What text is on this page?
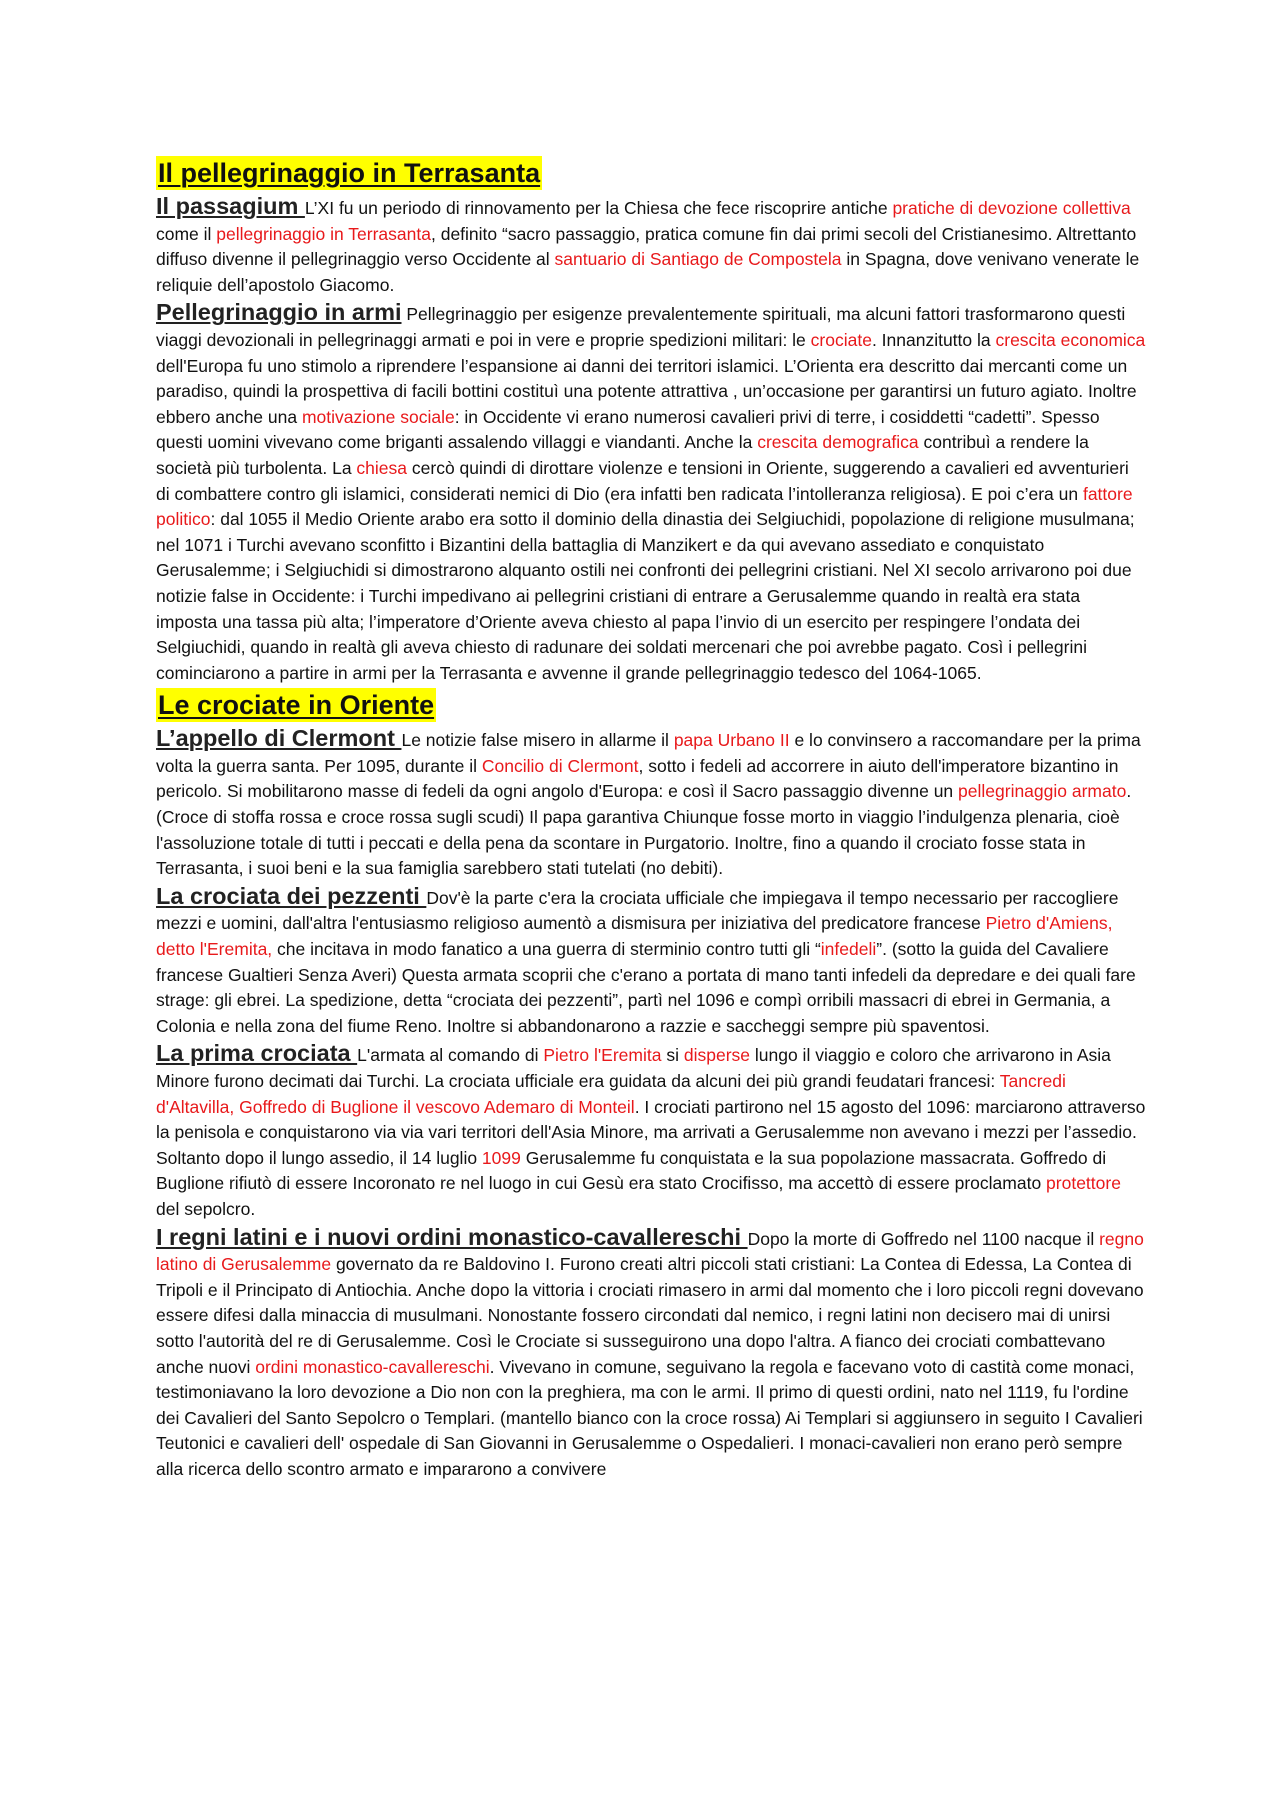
Il pellegrinaggio in Terrasanta

Il passagium L’XI fu un periodo di rinnovamento per la Chiesa che fece riscoprire antiche pratiche di devozione collettiva come il pellegrinaggio in Terrasanta, definito “sacro passaggio, pratica comune fin dai primi secoli del Cristianesimo. Altrettanto diffuso divenne il pellegrinaggio verso Occidente al santuario di Santiago de Compostela in Spagna, dove venivano venerate le reliquie dell’apostolo Giacomo.

Pellegrinaggio in armi Pellegrinaggio per esigenze prevalentemente spirituali, ma alcuni fattori trasformarono questi viaggi devozionali in pellegrinaggi armati e poi in vere e proprie spedizioni militari: le crociate. Innanzitutto la crescita economica dell'Europa fu uno stimolo a riprendere l’espansione ai danni dei territori islamici. L’Orienta era descritto dai mercanti come un paradiso, quindi la prospettiva di facili bottini costituì una potente attrattiva , un’occasione per garantirsi un futuro agiato. Inoltre ebbero anche una motivazione sociale: in Occidente vi erano numerosi cavalieri privi di terre, i cosiddetti “cadetti”. Spesso questi uomini vivevano come briganti assalendo villaggi e viandanti. Anche la crescita demografica contribuì a rendere la società più turbolenta. La chiesa cercò quindi di dirottare violenze e tensioni in Oriente, suggerendo a cavalieri ed avventurieri di combattere contro gli islamici, considerati nemici di Dio (era infatti ben radicata l’intolleranza religiosa). E poi c’era un fattore politico: dal 1055 il Medio Oriente arabo era sotto il dominio della dinastia dei Selgiuchidi, popolazione di religione musulmana; nel 1071 i Turchi avevano sconfitto i Bizantini della battaglia di Manzikert e da qui avevano assediato e conquistato Gerusalemme; i Selgiuchidi si dimostrarono alquanto ostili nei confronti dei pellegrini cristiani. Nel XI secolo arrivarono poi due notizie false in Occidente: i Turchi impedivano ai pellegrini cristiani di entrare a Gerusalemme quando in realtà era stata imposta una tassa più alta; l’imperatore d’Oriente aveva chiesto al papa l’invio di un esercito per respingere l’ondata dei Selgiuchidi, quando in realtà gli aveva chiesto di radunare dei soldati mercenari che poi avrebbe pagato. Così i pellegrini cominciarono a partire in armi per la Terrasanta e avvenne il grande pellegrinaggio tedesco del 1064-1065.

Le crociate in Oriente

L’appello di Clermont Le notizie false misero in allarme il papa Urbano II e lo convinsero a raccomandare per la prima volta la guerra santa. Per 1095, durante il Concilio di Clermont, sotto i fedeli ad accorrere in aiuto dell'imperatore bizantino in pericolo. Si mobilitarono masse di fedeli da ogni angolo d'Europa: e così il Sacro passaggio divenne un pellegrinaggio armato. (Croce di stoffa rossa e croce rossa sugli scudi) Il papa garantiva Chiunque fosse morto in viaggio l’indulgenza plenaria, cioè l'assoluzione totale di tutti i peccati e della pena da scontare in Purgatorio. Inoltre, fino a quando il crociato fosse stata in Terrasanta, i suoi beni e la sua famiglia sarebbero stati tutelati (no debiti).

La crociata dei pezzenti Dov'è la parte c'era la crociata ufficiale che impiegava il tempo necessario per raccogliere mezzi e uomini, dall'altra l'entusiasmo religioso aumentò a dismisura per iniziativa del predicatore francese Pietro d'Amiens, detto l'Eremita, che incitava in modo fanatico a una guerra di sterminio contro tutti gli “infedeli”. (sotto la guida del Cavaliere francese Gualtieri Senza Averi) Questa armata scoprii che c'erano a portata di mano tanti infedeli da depredare e dei quali fare strage: gli ebrei. La spedizione, detta “crociata dei pezzenti”, partì nel 1096 e compì orribili massacri di ebrei in Germania, a Colonia e nella zona del fiume Reno. Inoltre si abbandonarono a razzie e saccheggi sempre più spaventosi.

La prima crociata L'armata al comando di Pietro l'Eremita si disperse lungo il viaggio e coloro che arrivarono in Asia Minore furono decimati dai Turchi. La crociata ufficiale era guidata da alcuni dei più grandi feudatari francesi: Tancredi d'Altavilla, Goffredo di Buglione il vescovo Ademaro di Monteil. I crociati partirono nel 15 agosto del 1096: marciarono attraverso la penisola e conquistarono via via vari territori dell'Asia Minore, ma arrivati a Gerusalemme non avevano i mezzi per l’assedio. Soltanto dopo il lungo assedio, il 14 luglio 1099 Gerusalemme fu conquistata e la sua popolazione massacrata. Goffredo di Buglione rifiutò di essere Incoronato re nel luogo in cui Gesù era stato Crocifisso, ma accettò di essere proclamato protettore del sepolcro.

I regni latini e i nuovi ordini monastico-cavallereschi Dopo la morte di Goffredo nel 1100 nacque il regno latino di Gerusalemme governato da re Baldovino I. Furono creati altri piccoli stati cristiani: La Contea di Edessa, La Contea di Tripoli e il Principato di Antiochia. Anche dopo la vittoria i crociati rimasero in armi dal momento che i loro piccoli regni dovevano essere difesi dalla minaccia di musulmani. Nonostante fossero circondati dal nemico, i regni latini non decisero mai di unirsi sotto l'autorità del re di Gerusalemme. Così le Crociate si susseguirono una dopo l'altra. A fianco dei crociati combattevano anche nuovi ordini monastico-cavallereschi. Vivevano in comune, seguivano la regola e facevano voto di castità come monaci, testimoniavano la loro devozione a Dio non con la preghiera, ma con le armi. Il primo di questi ordini, nato nel 1119, fu l'ordine dei Cavalieri del Santo Sepolcro o Templari. (mantello bianco con la croce rossa) Ai Templari si aggiunsero in seguito I Cavalieri Teutonici e cavalieri dell' ospedale di San Giovanni in Gerusalemme o Ospedalieri. I monaci-cavalieri non erano però sempre alla ricerca dello scontro armato e impararono a convivere
